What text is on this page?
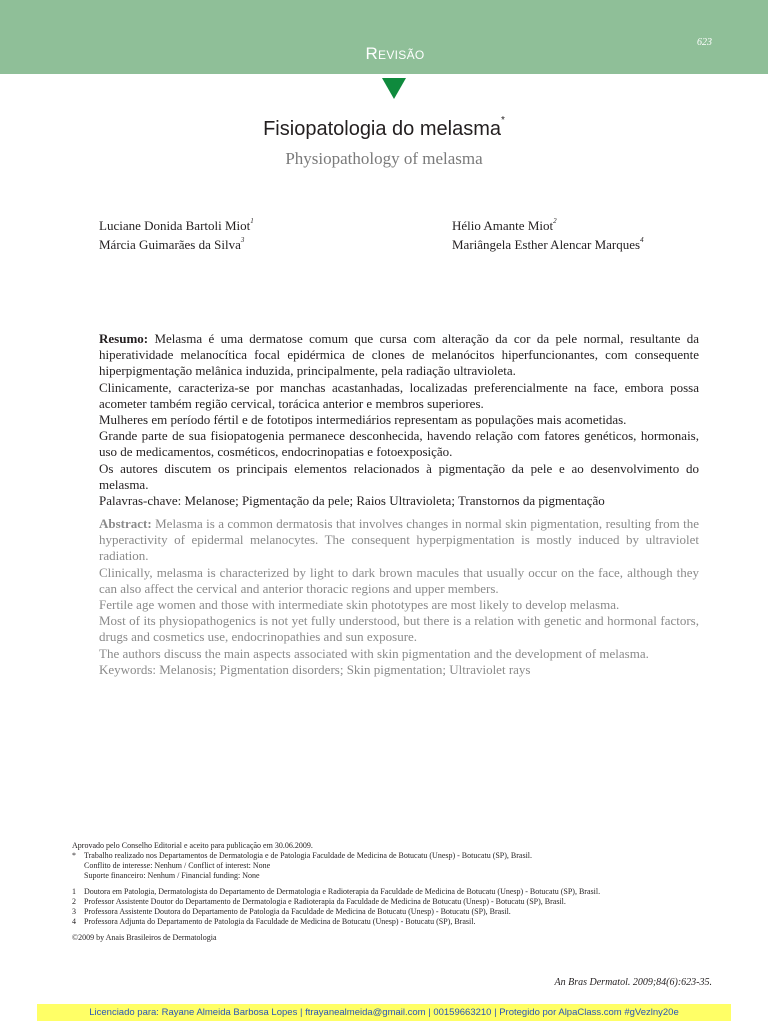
Revisão
623
Fisiopatologia do melasma*
Physiopathology of melasma
Luciane Donida Bartoli Miot$^1$	Hélio Amante Miot$^2$
Márcia Guimarães da Silva$^3$	Mariângela Esther Alencar Marques$^4$

Resumo: Melasma é uma dermatose comum que cursa com alteração da cor da pele normal, resultante da hiperatividade melanocítica focal epidérmica de clones de melanócitos hiperfuncionantes, com consequente hiperpigmentação melânica induzida, principalmente, pela radiação ultravioleta.

Clinicamente, caracteriza-se por manchas acastanhadas, localizadas preferencialmente na face, embora possa acometer também região cervical, torácica anterior e membros superiores.

Mulheres em período fértil e de fototipos intermediários representam as populações mais acometidas.

Grande parte de sua fisiopatogenia permanece desconhecida, havendo relação com fatores genéticos, hormonais, uso de medicamentos, cosméticos, endocrinopatias e fotoexposição.

Os autores discutem os principais elementos relacionados à pigmentação da pele e ao desenvolvimento do melasma.

Palavras-chave: Melanose; Pigmentação da pele; Raios Ultravioleta; Transtornos da pigmentação

Abstract: Melasma is a common dermatosis that involves changes in normal skin pigmentation, resulting from the hyperactivity of epidermal melanocytes. The consequent hyperpigmentation is mostly induced by ultraviolet radiation.

Clinically, melasma is characterized by light to dark brown macules that usually occur on the face, although they can also affect the cervical and anterior thoracic regions and upper members.

Fertile age women and those with intermediate skin phototypes are most likely to develop melasma.

Most of its physiopathogenics is not yet fully understood, but there is a relation with genetic and hormonal factors, drugs and cosmetics use, endocrinopathies and sun exposure.

The authors discuss the main aspects associated with skin pigmentation and the development of melasma.

Keywords: Melanosis; Pigmentation disorders; Skin pigmentation; Ultraviolet rays

Aprovado pelo Conselho Editorial e aceito para publicação em 30.06.2009.
*	Trabalho realizado nos Departamentos de Dermatologia e de Patologia Faculdade de Medicina de Botucatu (Unesp) - Botucatu (SP), Brasil.
Conflito de interesse: Nenhum / Conflict of interest: None
Suporte financeiro: Nenhum / Financial funding: None
1	Doutora em Patologia, Dermatologista do Departamento de Dermatologia e Radioterapia da Faculdade de Medicina de Botucatu (Unesp) - Botucatu (SP), Brasil.
2	Professor Assistente Doutor do Departamento de Dermatologia e Radioterapia da Faculdade de Medicina de Botucatu (Unesp) - Botucatu (SP), Brasil.
3	Professora Assistente Doutora do Departamento de Patologia da Faculdade de Medicina de Botucatu (Unesp) - Botucatu (SP), Brasil.
4	Professora Adjunta do Departamento de Patologia da Faculdade de Medicina de Botucatu (Unesp) - Botucatu (SP), Brasil.
©2009 by Anais Brasileiros de Dermatologia
An Bras Dermatol. 2009;84(6):623-35.
Licenciado para: Rayane Almeida Barbosa Lopes | ftrayanealmeida@gmail.com | 00159663210 | Protegido por AlpaClass.com #gVezlny20e
